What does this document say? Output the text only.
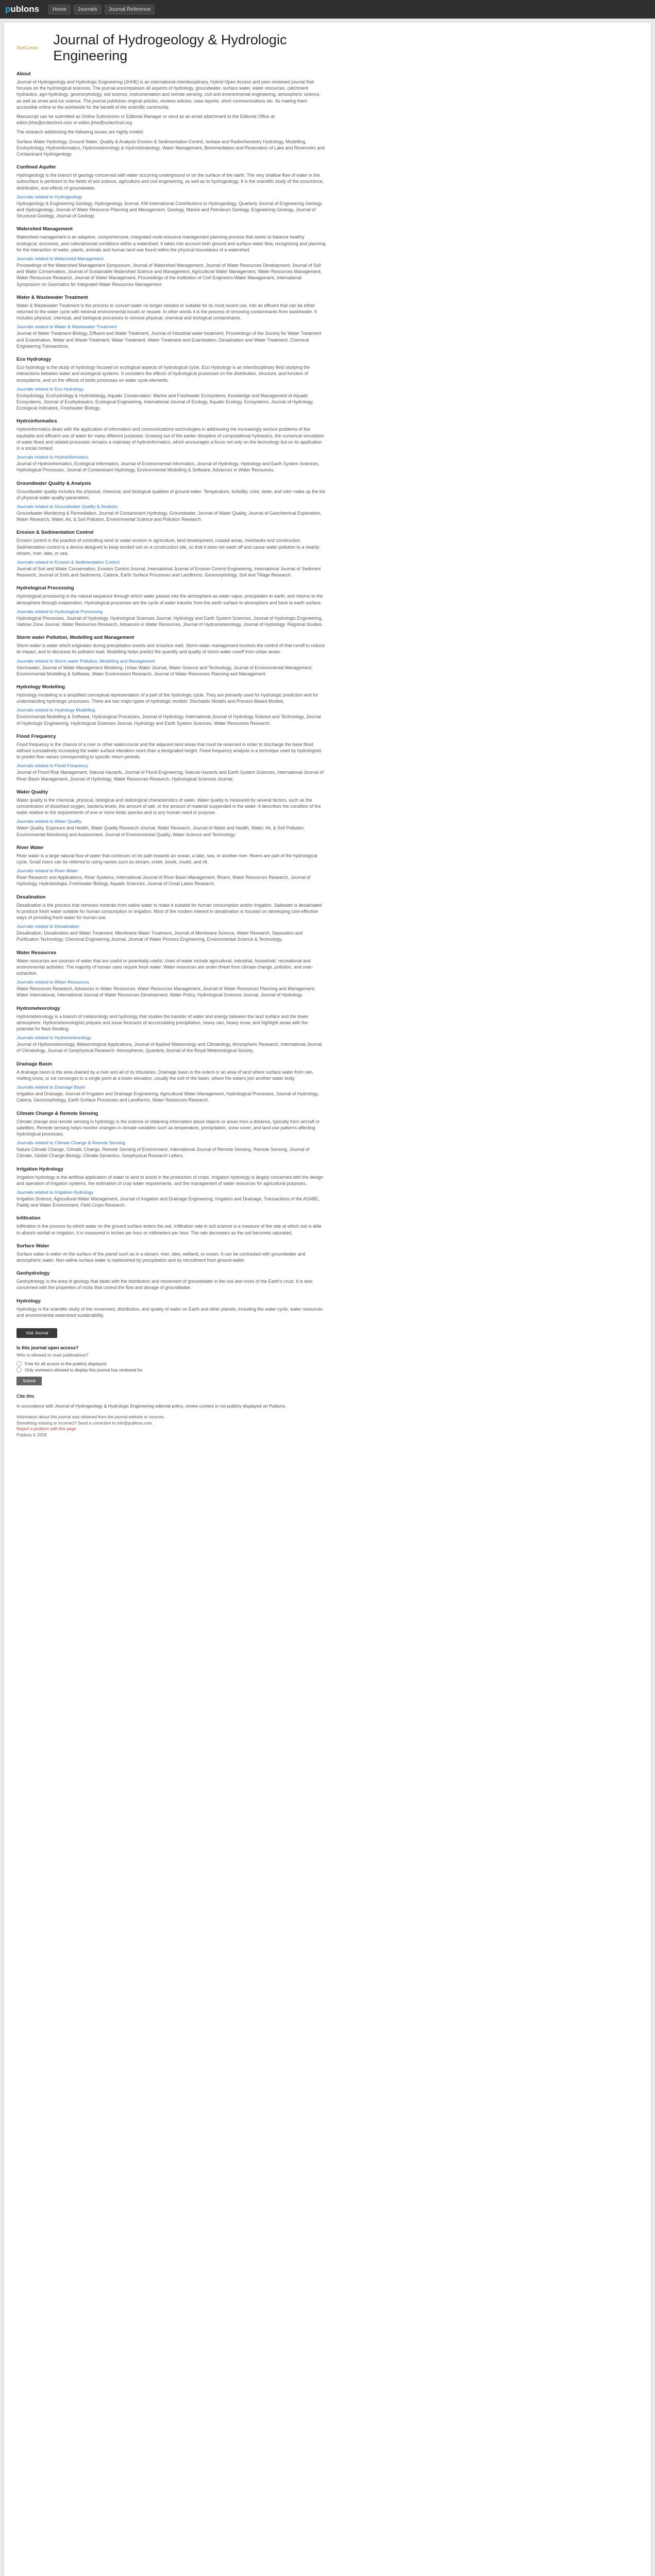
publons	Home	Journals	Journal Reference
NetGenre
Journal of Hydrogeology & Hydrologic Engineering
About

Journal of Hydrogeology and Hydrologic Engineering (JHHE) is an international interdisciplinary, Hybrid Open Access and peer-reviewed journal that focuses on the hydrological sciences. The journal encompasses all aspects of hydrology, groundwater, surface water, water resources, catchment hydraulics, agri-hydrology, geomorphology, soil science, instrumentation and remote sensing, civil and environmental engineering, atmospheric science, as well as snow and ice science. The journal publishes original articles, reviews articles, case reports, short communications etc. Its making them accessible online to the worldwide for the benefit of the scientific community.

Manuscript can be submitted as Online Submission or Editorial Manager or send as an email attachment to the Editorial Office at editor.jhhe@scitechnol.com or editor.jhhe@scitechnol.org

The research addressing the following issues are highly invited:

Surface Water Hydrology, Ground Water, Quality & Analysis Erosion & Sedimentation Control, Isotope and Radiochemistry Hydrology, Modelling, Ecohydrology, Hydroinformatics, Hydrometeorology & Hydroclimatology, Water Management, Bioremediation and Restoration of Lake and Reservoirs and Contaminant Hydrogeology

Confined Aquifer

Hydrogeology is the branch of geology concerned with water occurring underground or on the surface of the earth. The very shallow flow of water in the subsurface is pertinent to the fields of soil science, agriculture and civil engineering, as well as to hydrogeology. It is the scientific study of the occurrence, distribution, and effects of groundwater.

Journals related to Hydrogeology

Hydrogeology & Engineering Geology, Hydrogeology Journal, KM International Contributions to Hydrogeology, Quarterly Journal of Engineering Geology and Hydrogeology, Journal of Water Resource Planning and Management, Geology, Marine and Petroleum Geology, Engineering Geology, Journal of Structural Geology, Journal of Geology.

Watershed Management

Watershed management is an adaptive, comprehensive, integrated multi-resource management planning process that seeks to balance healthy ecological, economic, and cultural/social conditions within a watershed. It takes into account both ground and surface water flow, recognizing and planning for the interaction of water, plants, animals and human land use found within the physical boundaries of a watershed.

Journals related to Watershed Management

Proceedings of the Watershed Management Symposium, Journal of Watershed Management, Journal of Water Resources Development, Journal of Soil and Water Conservation, Journal of Sustainable Watershed Science and Management, Agricultural Water Management, Water Resources Management, Water Resources Research, Journal of Water Management, Proceedings of the Institution of Civil Engineers-Water Management, International Symposium on Geomatics for Integrated Water Resources Management

Water & Wastewater Treatment

Water & Wastewater Treatment is the process to convert water no longer needed or suitable for its most recent use, into an effluent that can be either returned to the water cycle with minimal environmental issues or reused. In other words it is the process of removing contaminants from wastewater. It includes physical, chemical, and biological processes to remove physical, chemical and biological contaminants.

Journals related to Water & Wastewater Treatment

Journal of Water Treatment Biology, Effluent and Water Treatment, Journal of Industrial water treatment, Proceedings of the Society for Water Treatment and Examination, Water and Waste Treatment, Water Treatment, Water Treatment and Examination, Desalination and Water Treatment, Chemical Engineering Transactions.

Eco Hydrology

Eco hydrology is the study of hydrology focused on ecological aspects of hydrological cycle. Eco Hydrology is an interdisciplinary field studying the interactions between water and ecological systems. It considers the effects of hydrological processes on the distribution, structure, and function of ecosystems, and on the effects of biotic processes on water cycle elements.

Journals related to Eco Hydrology

Ecohydrology, Ecohydrology & Hydrobiology, Aquatic Conservation: Marine and Freshwater Ecosystems, Knowledge and Management of Aquatic Ecosystems, Journal of Ecohydraulics, Ecological Engineering, International Journal of Ecology, Aquatic Ecology, Ecosystems, Journal of Hydrology, Ecological Indicators, Freshwater Biology.

Hydroinformatics

Hydroinformatics deals with the application of information and communications technologies in addressing the increasingly serious problems of the equitable and efficient use of water for many different purposes. Growing out of the earlier discipline of computational hydraulics, the numerical simulation of water flows and related processes remains a mainstay of hydroinformatics, which encourages a focus not only on the technology but on its application in a social context.

Journals related to Hydroinformatics

Journal of Hydroinformatics, Ecological Informatics, Journal of Environmental Informatics, Journal of Hydrology, Hydrology and Earth System Sciences, Hydrological Processes, Journal of Contaminant Hydrology, Environmental Modelling & Software, Advances in Water Resources.

Groundwater Quality & Analysis

Groundwater quality includes the physical, chemical, and biological qualities of ground water. Temperature, turbidity, color, taste, and odor make up the list of physical water quality parameters.

Journals related to Groundwater Quality & Analysis

Groundwater Monitoring & Remediation, Journal of Contaminant Hydrology, Groundwater, Journal of Water Quality, Journal of Geochemical Exploration, Water Research, Water, Air, & Soil Pollution, Environmental Science and Pollution Research.

Erosion & Sedimentation Control

Erosion control is the practice of controlling wind or water erosion in agriculture, land development, coastal areas, riverbanks and construction. Sedimentation control is a device designed to keep eroded soil on a construction site, so that it does not wash off and cause water pollution to a nearby stream, river, lake, or sea.

Journals related to Erosion & Sedimentation Control

Journal of Soil and Water Conservation, Erosion Control Journal, International Journal of Erosion Control Engineering, International Journal of Sediment Research, Journal of Soils and Sediments, Catena, Earth Surface Processes and Landforms, Geomorphology, Soil and Tillage Research.

Hydrological Processing

Hydrological processing is the natural sequence through which water passes into the atmosphere as water vapor, precipitates to earth, and returns to the atmosphere through evaporation. Hydrological processes are the cycle of water transfer from the earth surface to atmosphere and back to earth surface.

Journals related to Hydrological Processing

Hydrological Processes, Journal of Hydrology, Hydrological Sciences Journal, Hydrology and Earth System Sciences, Journal of Hydrologic Engineering, Vadose Zone Journal, Water Resources Research, Advances in Water Resources, Journal of Hydrometeorology, Journal of Hydrology: Regional Studies.

Storm water Pollution, Modelling and Management

Storm water is water which originates during precipitation events and snow/ice melt. Storm water management involves the control of that runoff to reduce its impact, and to decrease its pollution load. Modelling helps predict the quantity and quality of storm water runoff from urban areas.

Journals related to Storm water Pollution, Modelling and Management

Stormwater, Journal of Water Management Modeling, Urban Water Journal, Water Science and Technology, Journal of Environmental Management, Environmental Modelling & Software, Water Environment Research, Journal of Water Resources Planning and Management.

Hydrology Modelling

Hydrology modelling is a simplified conceptual representation of a part of the hydrologic cycle. They are primarily used for hydrologic prediction and for understanding hydrologic processes. There are two major types of hydrologic models: Stochastic Models and Process-Based Models.

Journals related to Hydrology Modelling

Environmental Modelling & Software, Hydrological Processes, Journal of Hydrology, International Journal of Hydrology Science and Technology, Journal of Hydrologic Engineering, Hydrological Sciences Journal, Hydrology and Earth System Sciences, Water Resources Research.

Flood Frequency

Flood frequency is the chance of a river or other watercourse and the adjacent land areas that must be reserved in order to discharge the base flood without cumulatively increasing the water surface elevation more than a designated height. Flood frequency analysis is a technique used by hydrologists to predict flow values corresponding to specific return periods.

Journals related to Flood Frequency

Journal of Flood Risk Management, Natural Hazards, Journal of Flood Engineering, Natural Hazards and Earth System Sciences, International Journal of River Basin Management, Journal of Hydrology, Water Resources Research, Hydrological Sciences Journal.

Water Quality

Water quality is the chemical, physical, biological and radiological characteristics of water. Water quality is measured by several factors, such as the concentration of dissolved oxygen, bacteria levels, the amount of salt, or the amount of material suspended in the water. It describes the condition of the water relative to the requirements of one or more biotic species and to any human need or purpose.

Journals related to Water Quality

Water Quality, Exposure and Health, Water Quality Research Journal, Water Research, Journal of Water and Health, Water, Air, & Soil Pollution, Environmental Monitoring and Assessment, Journal of Environmental Quality, Water Science and Technology.

River Water

River water is a large natural flow of water that continues on its path towards an ocean, a lake, sea, or another river. Rivers are part of the hydrological cycle. Small rivers can be referred to using names such as stream, creek, brook, rivulet, and rill.

Journals related to River Water

River Research and Applications, River Systems, International Journal of River Basin Management, Rivers, Water Resources Research, Journal of Hydrology, Hydrobiologia, Freshwater Biology, Aquatic Sciences, Journal of Great Lakes Research.

Desalination

Desalination is the process that removes minerals from saline water to make it suitable for human consumption and/or irrigation. Saltwater is desalinated to produce fresh water suitable for human consumption or irrigation. Most of the modern interest in desalination is focused on developing cost-effective ways of providing fresh water for human use.

Journals related to Desalination

Desalination, Desalination and Water Treatment, Membrane Water Treatment, Journal of Membrane Science, Water Research, Separation and Purification Technology, Chemical Engineering Journal, Journal of Water Process Engineering, Environmental Science & Technology.

Water Resources

Water resources are sources of water that are useful or potentially useful. Uses of water include agricultural, industrial, household, recreational and environmental activities. The majority of human uses require fresh water. Water resources are under threat from climate change, pollution, and over-extraction.

Journals related to Water Resources

Water Resources Research, Advances in Water Resources, Water Resources Management, Journal of Water Resources Planning and Management, Water International, International Journal of Water Resources Development, Water Policy, Hydrological Sciences Journal, Journal of Hydrology.

Hydrometeorology

Hydrometeorology is a branch of meteorology and hydrology that studies the transfer of water and energy between the land surface and the lower atmosphere. Hydrometeorologists prepare and issue forecasts of accumulating precipitation, heavy rain, heavy snow, and highlight areas with the potential for flash flooding.

Journals related to Hydrometeorology

Journal of Hydrometeorology, Meteorological Applications, Journal of Applied Meteorology and Climatology, Atmospheric Research, International Journal of Climatology, Journal of Geophysical Research: Atmospheres, Quarterly Journal of the Royal Meteorological Society.

Drainage Basin

A drainage basin is the area drained by a river and all of its tributaries. Drainage basin is the extent or an area of land where surface water from rain, melting snow, or ice converges to a single point at a lower elevation, usually the exit of the basin, where the waters join another water body.

Journals related to Drainage Basin

Irrigation and Drainage, Journal of Irrigation and Drainage Engineering, Agricultural Water Management, Hydrological Processes, Journal of Hydrology, Catena, Geomorphology, Earth Surface Processes and Landforms, Water Resources Research.

Climate Change & Remote Sensing

Climate change and remote sensing in hydrology is the science of obtaining information about objects or areas from a distance, typically from aircraft or satellites. Remote sensing helps monitor changes in climate variables such as temperature, precipitation, snow cover, and land use patterns affecting hydrological processes.

Journals related to Climate Change & Remote Sensing

Nature Climate Change, Climatic Change, Remote Sensing of Environment, International Journal of Remote Sensing, Remote Sensing, Journal of Climate, Global Change Biology, Climate Dynamics, Geophysical Research Letters.

Irrigation Hydrology

Irrigation hydrology is the artificial application of water to land to assist in the production of crops. Irrigation hydrology is largely concerned with the design and operation of irrigation systems, the estimation of crop water requirements, and the management of water resources for agricultural purposes.

Journals related to Irrigation Hydrology

Irrigation Science, Agricultural Water Management, Journal of Irrigation and Drainage Engineering, Irrigation and Drainage, Transactions of the ASABE, Paddy and Water Environment, Field Crops Research.

Infiltration

Infiltration is the process by which water on the ground surface enters the soil. Infiltration rate in soil science is a measure of the rate at which soil is able to absorb rainfall or irrigation. It is measured in inches per hour or millimeters per hour. The rate decreases as the soil becomes saturated.

Surface Water

Surface water is water on the surface of the planet such as in a stream, river, lake, wetland, or ocean. It can be contrasted with groundwater and atmospheric water. Non-saline surface water is replenished by precipitation and by recruitment from ground-water.

Geohydrology

Geohydrology is the area of geology that deals with the distribution and movement of groundwater in the soil and rocks of the Earth's crust. It is also concerned with the properties of rocks that control the flow and storage of groundwater.

Hydrology

Hydrology is the scientific study of the movement, distribution, and quality of water on Earth and other planets, including the water cycle, water resources and environmental watershed sustainability.

Visit Journal
Is this journal open access?
Who is allowed to read publications?
Free for all access to the publicly displayed
Only reviewers allowed to display this journal has reviewed for
Submit
Cite this
In accordance with Journal of Hydrogeology & Hydrologic Engineering editorial policy, review content is not publicly displayed on Publons.
Information about this journal was obtained from the journal website or sources.
Something missing or incorrect? Send a correction to info@publons.com.
Report a problem with this page
Publons © 2018
